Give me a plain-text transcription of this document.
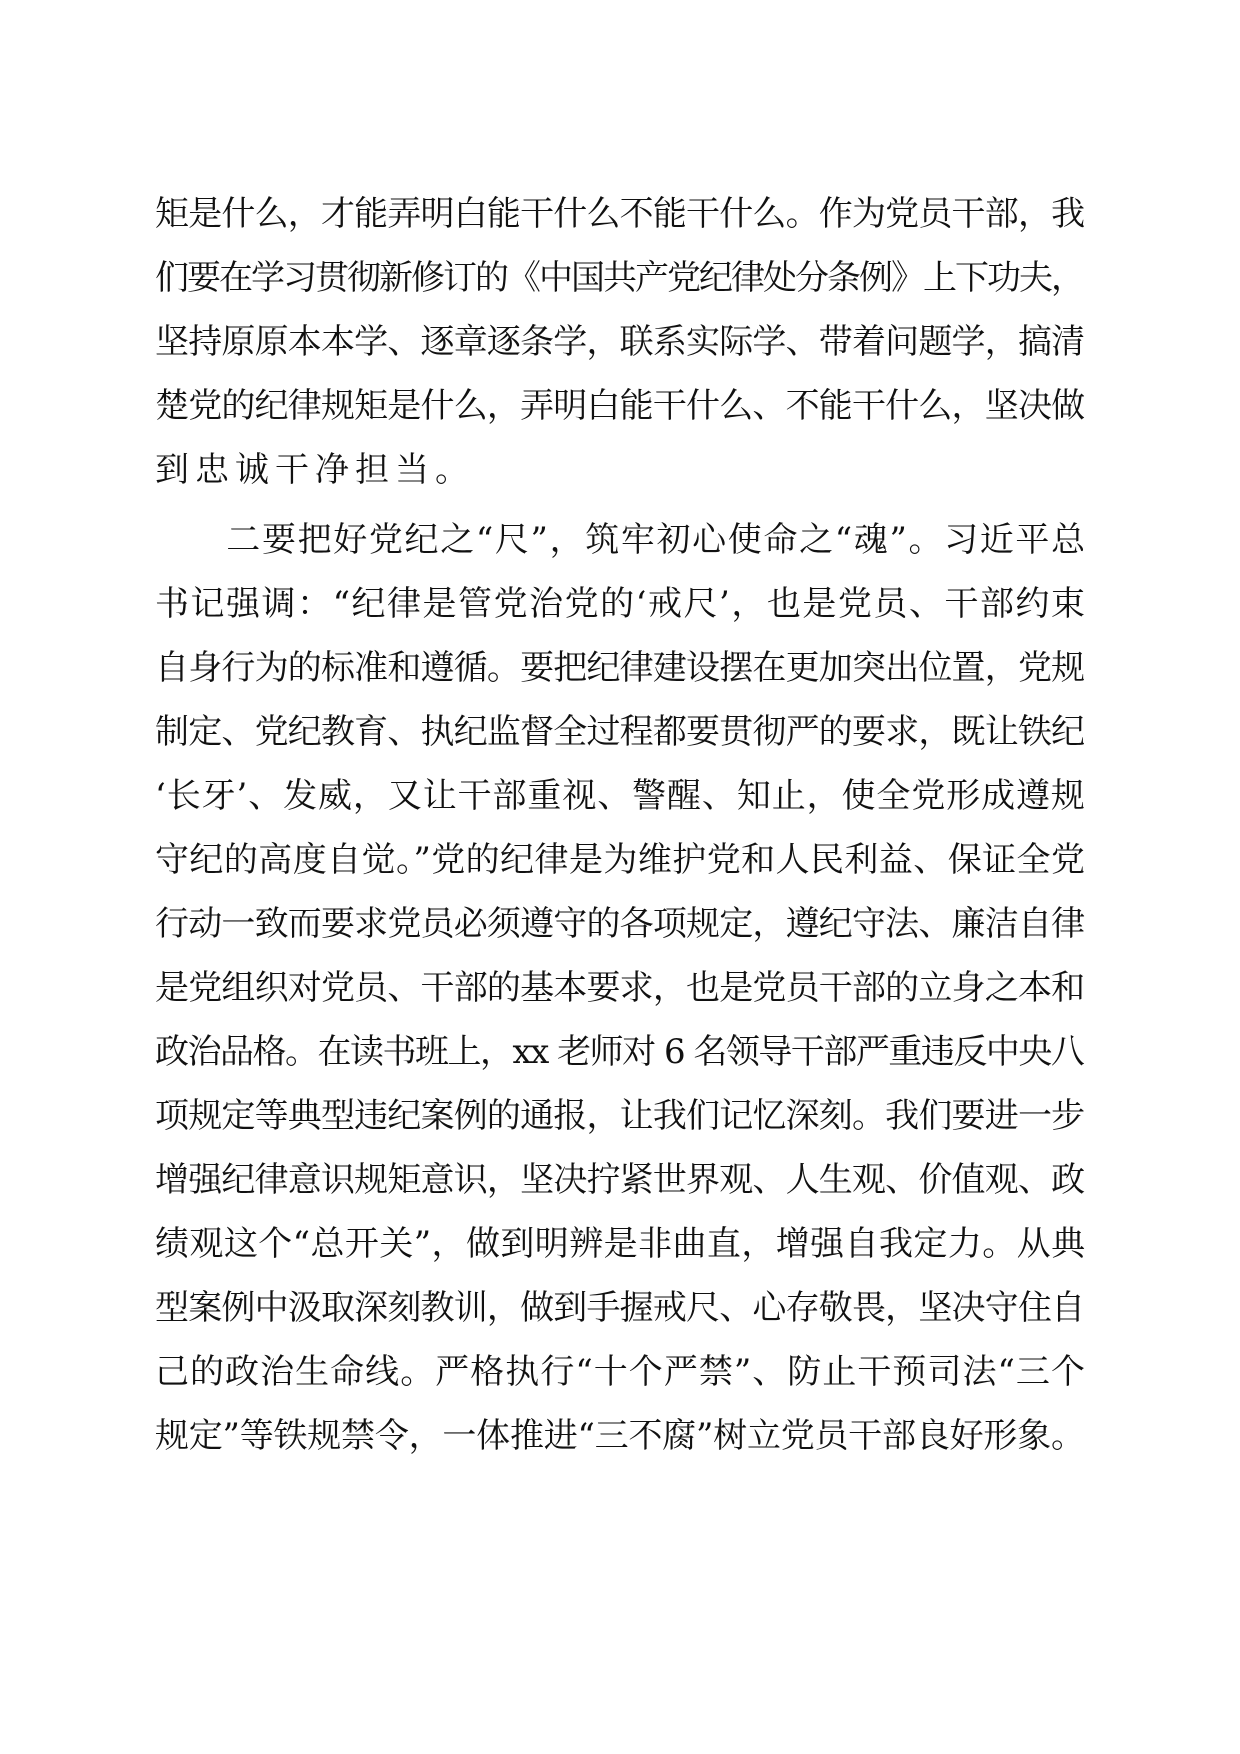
矩是什么，才能弄明白能干什么不能干什么。作为党员干部，我
们要在学习贯彻新修订的《中国共产党纪律处分条例》上下功夫，
坚持原原本本学、逐章逐条学，联系实际学、带着问题学，搞清
楚党的纪律规矩是什么，弄明白能干什么、不能干什么，坚决做
到忠诚干净担当。
　　二要把好党纪之“尺”，筑牢初心使命之“魂”。习近平总
书记强调：“纪律是管党治党的‘戒尺’，也是党员、干部约束
自身行为的标准和遵循。要把纪律建设摆在更加突出位置，党规
制定、党纪教育、执纪监督全过程都要贯彻严的要求，既让铁纪
‘长牙’、发威，又让干部重视、警醒、知止，使全党形成遵规
守纪的高度自觉。”党的纪律是为维护党和人民利益、保证全党
行动一致而要求党员必须遵守的各项规定，遵纪守法、廉洁自律
是党组织对党员、干部的基本要求，也是党员干部的立身之本和
政治品格。在读书班上，xx 老师对 6 名领导干部严重违反中央八
项规定等典型违纪案例的通报，让我们记忆深刻。我们要进一步
增强纪律意识规矩意识，坚决拧紧世界观、人生观、价值观、政
绩观这个“总开关”，做到明辨是非曲直，增强自我定力。从典
型案例中汲取深刻教训，做到手握戒尺、心存敬畏，坚决守住自
己的政治生命线。严格执行“十个严禁”、防止干预司法“三个
规定”等铁规禁令，一体推进“三不腐”树立党员干部良好形象。
